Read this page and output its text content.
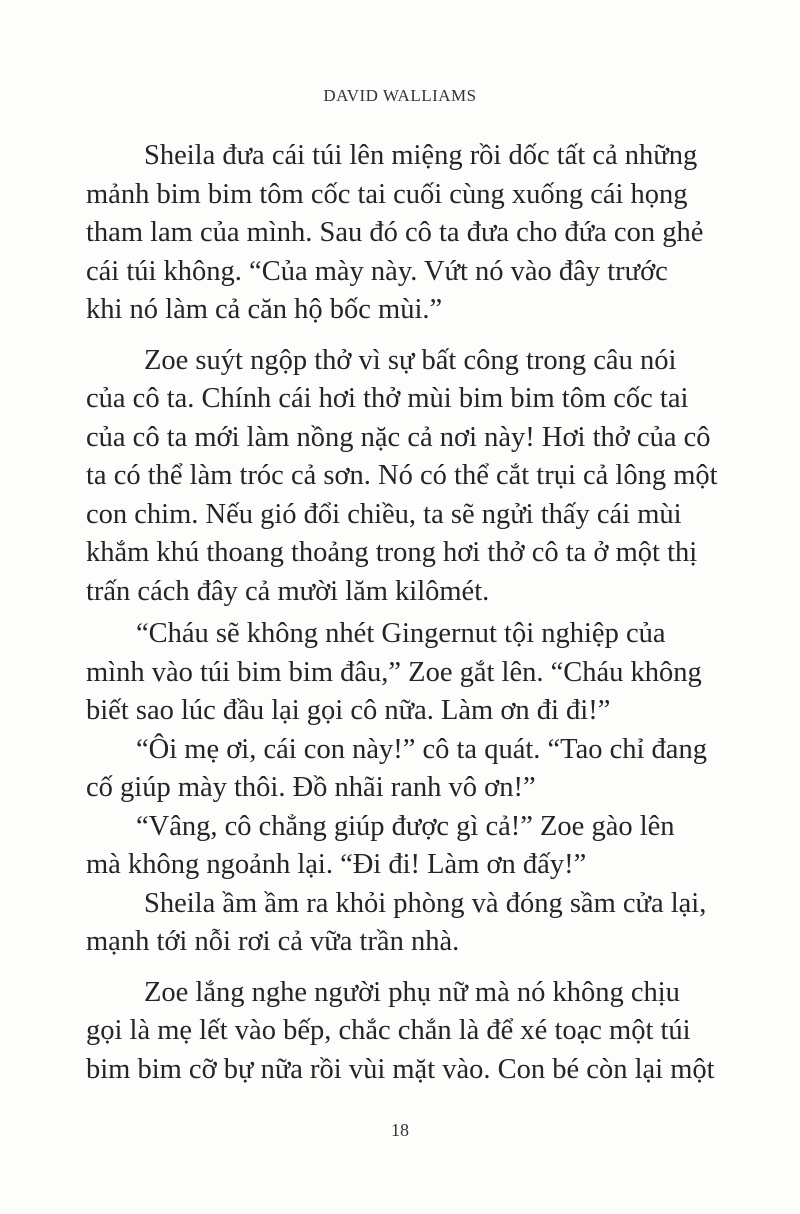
DAVID WALLIAMS
Sheila đưa cái túi lên miệng rồi dốc tất cả những
mảnh bim bim tôm cốc tai cuối cùng xuống cái họng
tham lam của mình. Sau đó cô ta đưa cho đứa con ghẻ
cái túi không. “Của mày này. Vứt nó vào đây trước
khi nó làm cả căn hộ bốc mùi.”
Zoe suýt ngộp thở vì sự bất công trong câu nói
của cô ta. Chính cái hơi thở mùi bim bim tôm cốc tai
của cô ta mới làm nồng nặc cả nơi này! Hơi thở của cô
ta có thể làm tróc cả sơn. Nó có thể cắt trụi cả lông một
con chim. Nếu gió đổi chiều, ta sẽ ngửi thấy cái mùi
khắm khú thoang thoảng trong hơi thở cô ta ở một thị
trấn cách đây cả mười lăm kilômét.
“Cháu sẽ không nhét Gingernut tội nghiệp của
mình vào túi bim bim đâu,” Zoe gắt lên. “Cháu không
biết sao lúc đầu lại gọi cô nữa. Làm ơn đi đi!”
“Ôi mẹ ơi, cái con này!” cô ta quát. “Tao chỉ đang
cố giúp mày thôi. Đồ nhãi ranh vô ơn!”
“Vâng, cô chẳng giúp được gì cả!” Zoe gào lên
mà không ngoảnh lại. “Đi đi! Làm ơn đấy!”
Sheila ầm ầm ra khỏi phòng và đóng sầm cửa lại,
mạnh tới nỗi rơi cả vữa trần nhà.
Zoe lắng nghe người phụ nữ mà nó không chịu
gọi là mẹ lết vào bếp, chắc chắn là để xé toạc một túi
bim bim cỡ bự nữa rồi vùi mặt vào. Con bé còn lại một
18
